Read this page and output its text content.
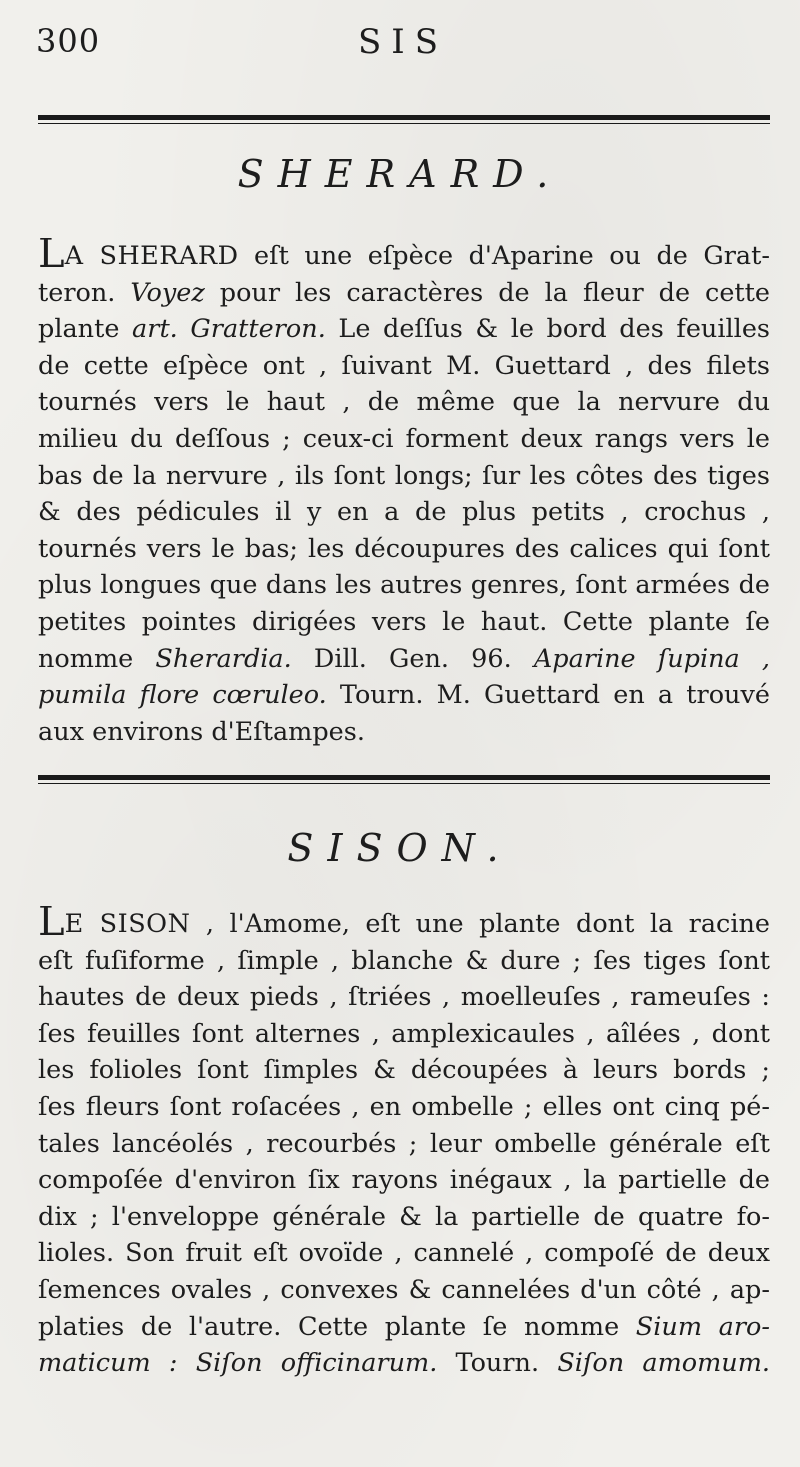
300	SIS
SHERARD.

LA SHERARD eſt une eſpèce d'Aparine ou de Grat-
teron. Voyez pour les caractères de la fleur de cette
plante art. Gratteron. Le deſſus & le bord des feuilles
de cette eſpèce ont , ſuivant M. Guettard , des filets
tournés vers le haut , de même que la nervure du
milieu du deſſous ; ceux-ci forment deux rangs vers le
bas de la nervure , ils ſont longs; ſur les côtes des tiges
& des pédicules il y en a de plus petits , crochus ,
tournés vers le bas; les découpures des calices qui ſont
plus longues que dans les autres genres, ſont armées de
petites pointes dirigées vers le haut. Cette plante ſe
nomme Sherardia. Dill. Gen. 96. Aparine ſupina ,
pumila flore cœruleo. Tourn. M. Guettard en a trouvé
aux environs d'Eſtampes.

SISON.

LE SISON , l'Amome, eſt une plante dont la racine
eſt fuſiforme , ſimple , blanche & dure ; ſes tiges ſont
hautes de deux pieds , ſtriées , moelleuſes , rameuſes :
ſes feuilles ſont alternes , amplexicaules , aîlées , dont
les folioles ſont ſimples & découpées à leurs bords ;
ſes fleurs ſont roſacées , en ombelle ; elles ont cinq pé-
tales lancéolés , recourbés ; leur ombelle générale eſt
compoſée d'environ ſix rayons inégaux , la partielle de
dix ; l'enveloppe générale & la partielle de quatre fo-
lioles. Son fruit eſt ovoïde , cannelé , compoſé de deux
ſemences ovales , convexes & cannelées d'un côté , ap-
platies de l'autre. Cette plante ſe nomme Sium aro-
maticum : Siſon officinarum. Tourn. Siſon amomum.
